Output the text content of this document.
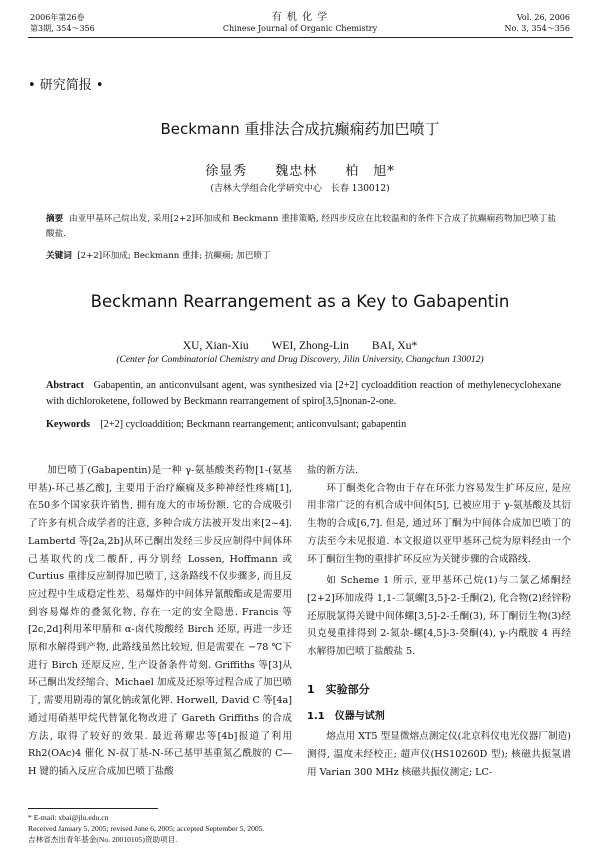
2006年第26卷
第3期, 354～356
有 机 化 学
Chinese Journal of Organic Chemistry
Vol. 26, 2006
No. 3, 354～356
• 研究简报 •
Beckmann 重排法合成抗癫痫药加巴喷丁
徐显秀　　魏忠林　　柏　旭*
(吉林大学组合化学研究中心　长春 130012)
摘要 由亚甲基环己烷出发, 采用[2+2]环加成和 Beckmann 重排策略, 经四步反应在比较温和的条件下合成了抗癫痫药物加巴喷丁盐酸盐.
关键词 [2+2]环加成; Beckmann 重排; 抗癫痫; 加巴喷丁
Beckmann Rearrangement as a Key to Gabapentin
XU, Xian-Xiu　　WEI, Zhong-Lin　　BAI, Xu*
(Center for Combinatorial Chemistry and Drug Discovery, Jilin University, Changchun 130012)
Abstract Gabapentin, an anticonvulsant agent, was synthesized via [2+2] cycloaddition reaction of methylenecyclohexane with dichloroketene, followed by Beckmann rearrangement of spiro[3,5]nonan-2-one.
Keywords [2+2] cycloaddition; Beckmann rearrangement; anticonvulsant; gabapentin

加巴喷丁(Gabapentin)是一种 γ-氨基酸类药物[1-(氨基甲基)-环己基乙酸], 主要用于治疗癫痫及多种神经性疼痛[1], 在50多个国家获许销售, 拥有庞大的市场份额. 它的合成吸引了许多有机合成学者的注意, 多种合成方法被开发出来[2~4]. Lambertd 等[2a,2b]从环己酮出发经三步反应制得中间体环己基取代的戊二酸酐, 再分别经 Lossen, Hoffmann 或 Curtius 重排反应制得加巴喷丁, 这条路线不仅步骤多, 而且反应过程中生成稳定性差、易爆炸的中间体异氰酸酯或是需要用到容易爆炸的叠氮化物, 存在一定的安全隐患. Francis 等[2c,2d]利用苯甲腈和 α-卤代羧酸经 Birch 还原, 再进一步还原和水解得到产物, 此路线虽然比较短, 但是需要在 −78 ℃下进行 Birch 还原反应, 生产设备条件苛刻. Griffiths 等[3]从环己酮出发经缩合、Michael 加成及还原等过程合成了加巴喷丁, 需要用剧毒的氰化钠或氰化钾. Horwell, David C 等[4a]通过用硝基甲烷代替氰化物改进了 Gareth Griffiths 的合成方法, 取得了较好的效果. 最近蒋耀忠等[4b]报道了利用 Rh2(OAc)4 催化 N-叔丁基-N-环己基甲基重氮乙酰胺的 C—H 键的插入反应合成加巴喷丁盐酸

盐的新方法.

环丁酮类化合物由于存在环张力容易发生扩环反应, 是应用非常广泛的有机合成中间体[5], 已被应用于 γ-氨基酸及其衍生物的合成[6,7]. 但是, 通过环丁酮为中间体合成加巴喷丁的方法至今未见报道. 本文报道以亚甲基环己烷为原料经由一个环丁酮衍生物的重排扩环反应为关键步骤的合成路线.

如 Scheme 1 所示, 亚甲基环己烷(1)与二氯乙烯酮经[2+2]环加成得 1,1-二氯螺[3,5]-2-壬酮(2), 化合物(2)经锌粉还原脱氯得关键中间体螺[3,5]-2-壬酮(3), 环丁酮衍生物(3)经贝克曼重排得到 2-氮杂-螺[4,5]-3-癸酮(4), γ-内酰胺 4 再经水解得加巴喷丁盐酸盐 5.

1　实验部分
1.1　仪器与试剂

熔点用 XT5 型显微熔点测定仪(北京科仪电光仪器厂制造)测得, 温度未经校正; 超声仪(HS10260D 型); 核磁共振氢谱用 Varian 300 MHz 核磁共振仪测定; LC-

* E-mail: xbai@jlu.edu.cn
Received January 5, 2005; revised June 6, 2005; accepted September 5, 2005.
吉林省杰出青年基金(No. 20010105)资助项目.
